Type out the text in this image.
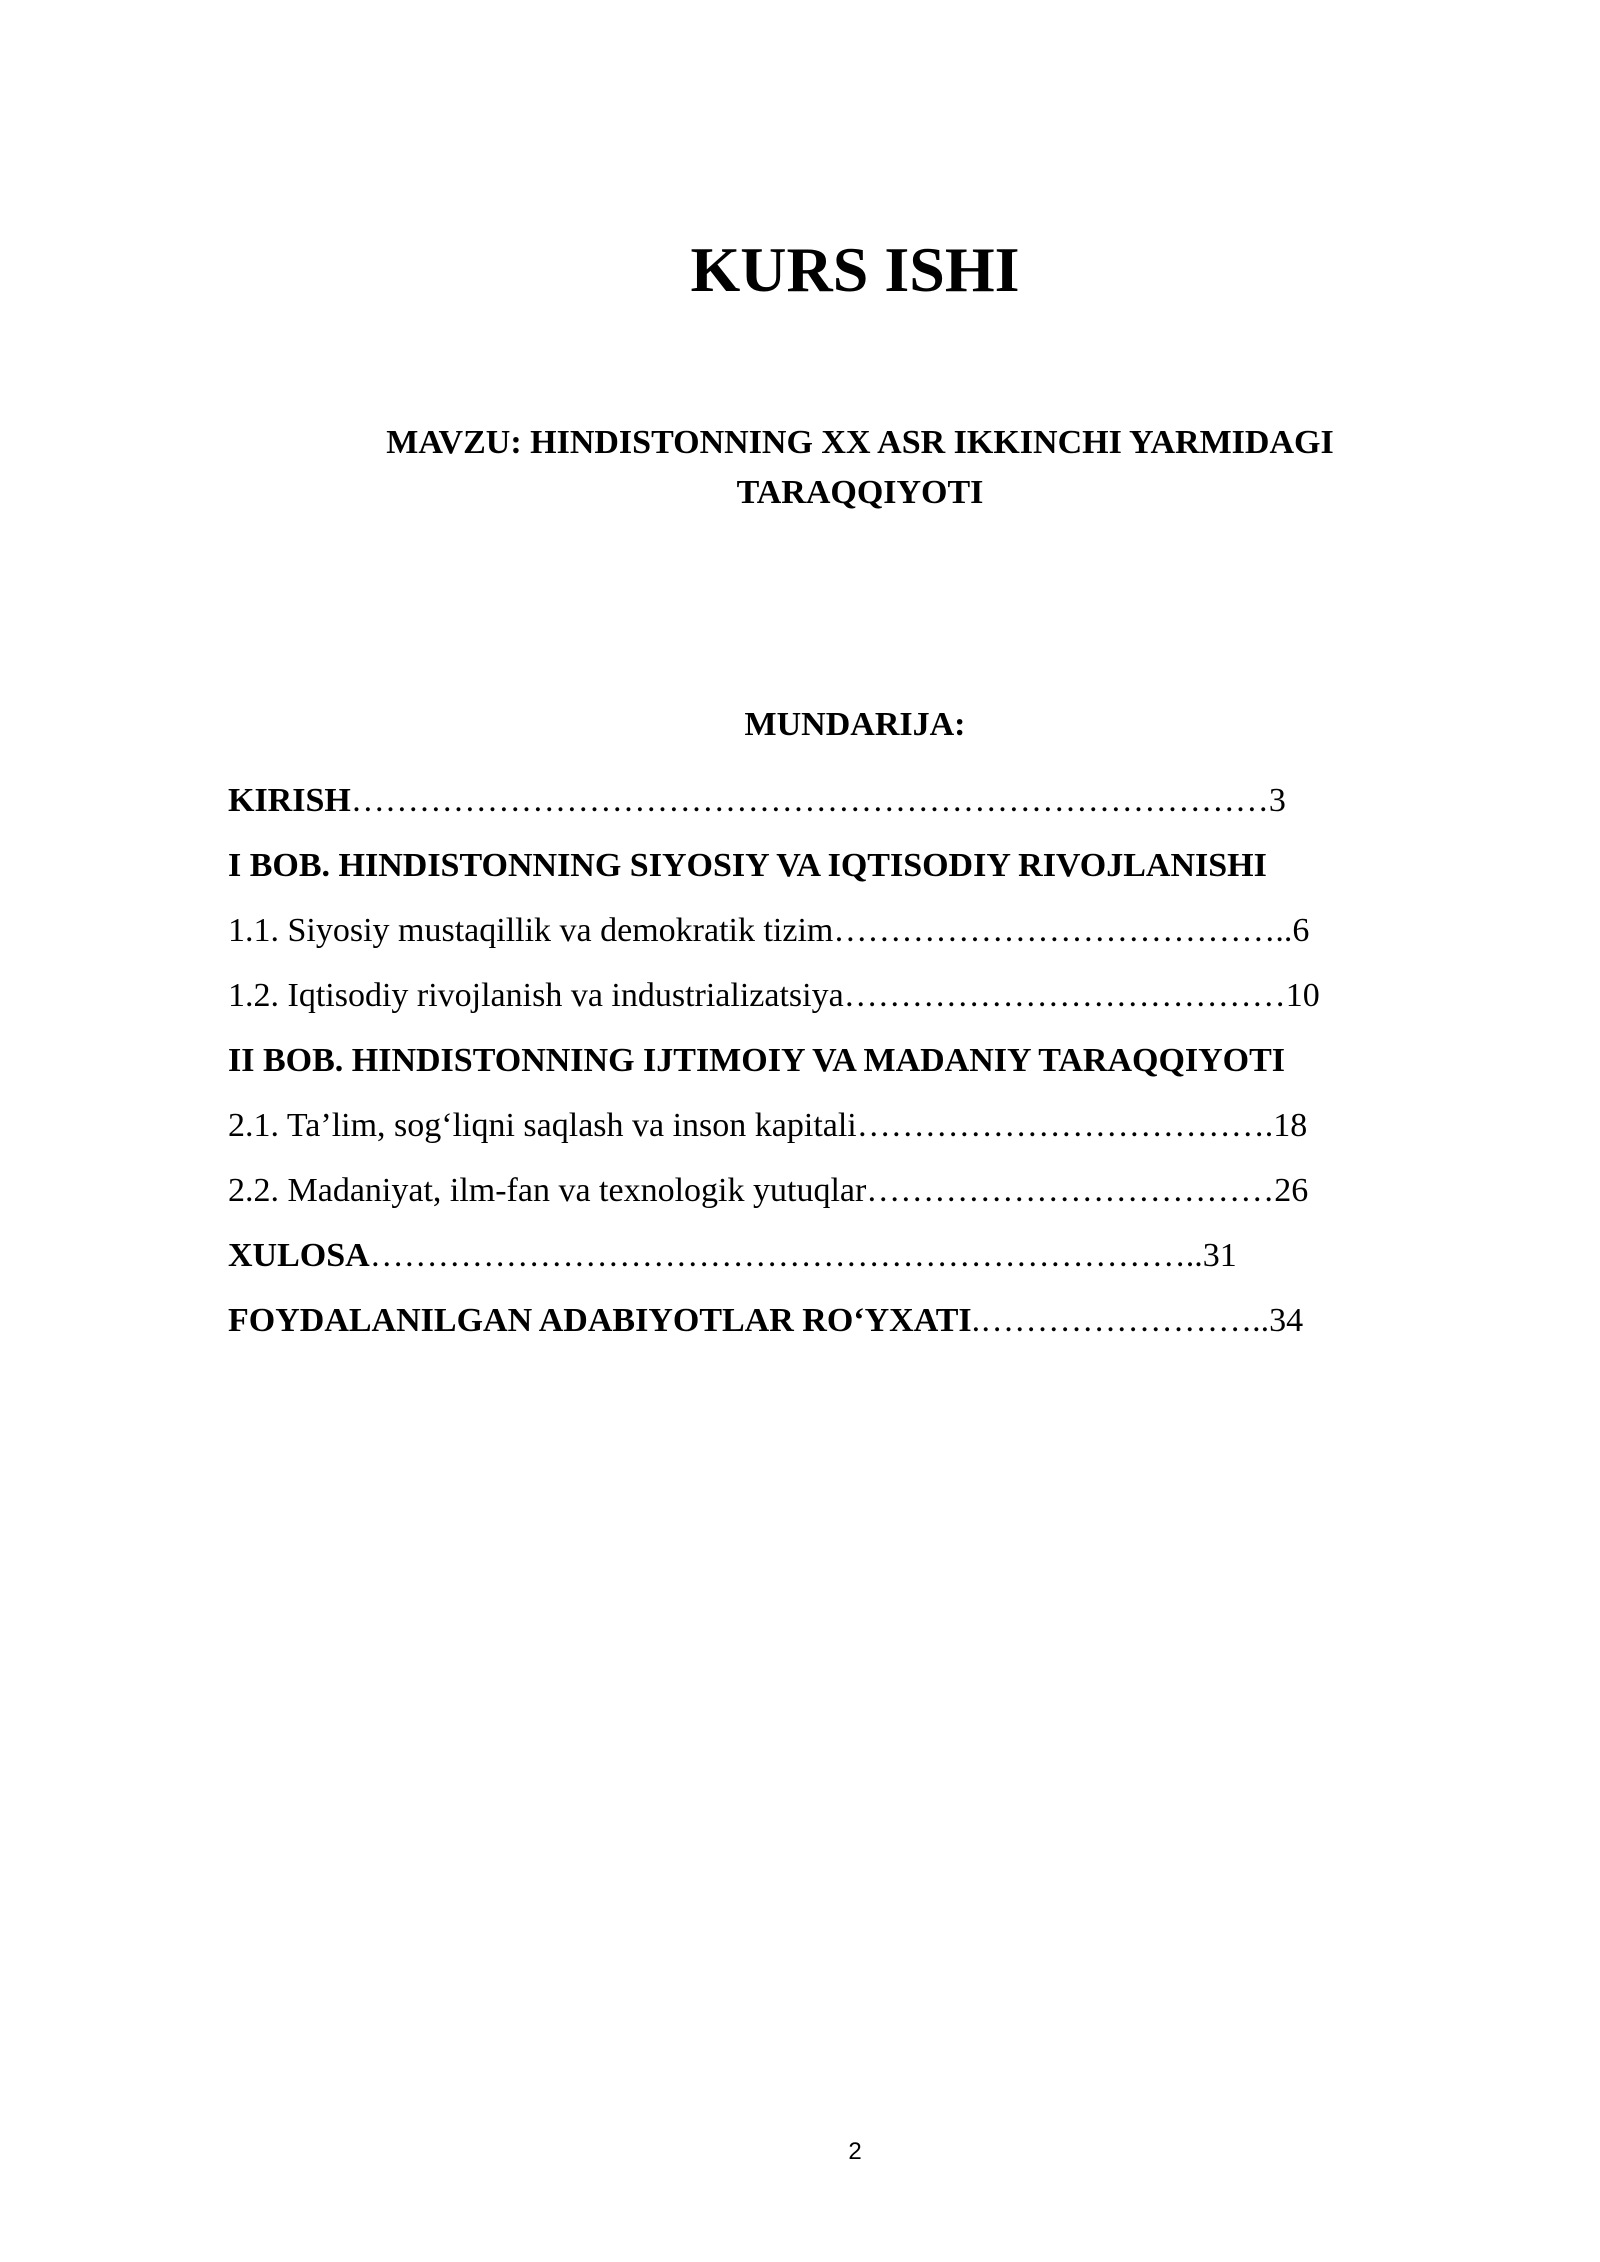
KURS ISHI
MAVZU: HINDISTONNING XX ASR IKKINCHI YARMIDAGI
TARAQQIYOTI
MUNDARIJA:
KIRISH………………………………………………………………………3
I BOB. HINDISTONNING SIYOSIY VA IQTISODIY RIVOJLANISHI
1.1. Siyosiy mustaqillik va demokratik tizim…………………………………..6
1.2. Iqtisodiy rivojlanish va industrializatsiya…………………………………10
II BOB. HINDISTONNING IJTIMOIY VA MADANIY TARAQQIYOTI
2.1. Ta’lim, sog‘liqni saqlash va inson kapitali……………………………….18
2.2. Madaniyat, ilm-fan va texnologik yutuqlar………………………………26
XULOSA………………………………………………………………..31
FOYDALANILGAN ADABIYOTLAR RO‘YXATI.……………………..34
2
